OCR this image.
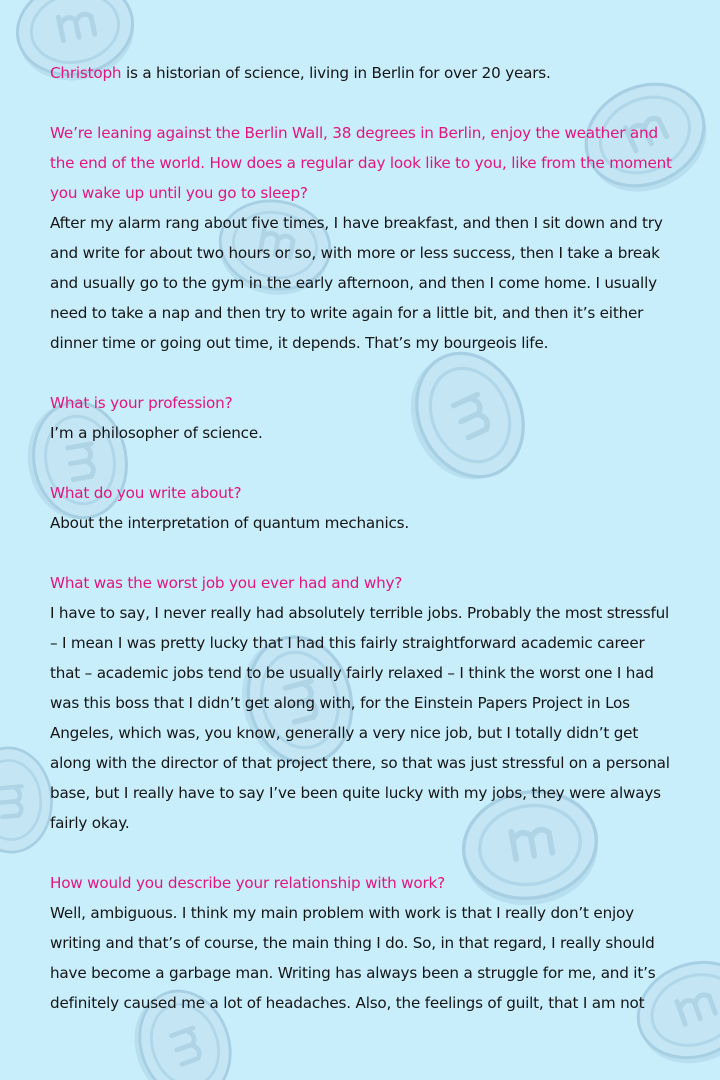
Christoph is a historian of science, living in Berlin for over 20 years.

We’re leaning against the Berlin Wall, 38 degrees in Berlin, enjoy the weather and the end of the world. How does a regular day look like to you, like from the moment you wake up until you go to sleep?

After my alarm rang about five times, I have breakfast, and then I sit down and try and write for about two hours or so, with more or less success, then I take a break and usually go to the gym in the early afternoon, and then I come home. I usually need to take a nap and then try to write again for a little bit, and then it’s either dinner time or going out time, it depends. That’s my bourgeois life.

What is your profession?

I’m a philosopher of science.

What do you write about?

About the interpretation of quantum mechanics.

What was the worst job you ever had and why?

I have to say, I never really had absolutely terrible jobs. Probably the most stressful – I mean I was pretty lucky that I had this fairly straightforward academic career that – academic jobs tend to be usually fairly relaxed – I think the worst one I had was this boss that I didn’t get along with, for the Einstein Papers Project in Los Angeles, which was, you know, generally a very nice job, but I totally didn’t get along with the director of that project there, so that was just stressful on a personal base, but I really have to say I’ve been quite lucky with my jobs, they were always fairly okay.

How would you describe your relationship with work?

Well, ambiguous. I think my main problem with work is that I really don’t enjoy writing and that’s of course, the main thing I do. So, in that regard, I really should have become a garbage man. Writing has always been a struggle for me, and it’s definitely caused me a lot of headaches. Also, the feelings of guilt, that I am not
